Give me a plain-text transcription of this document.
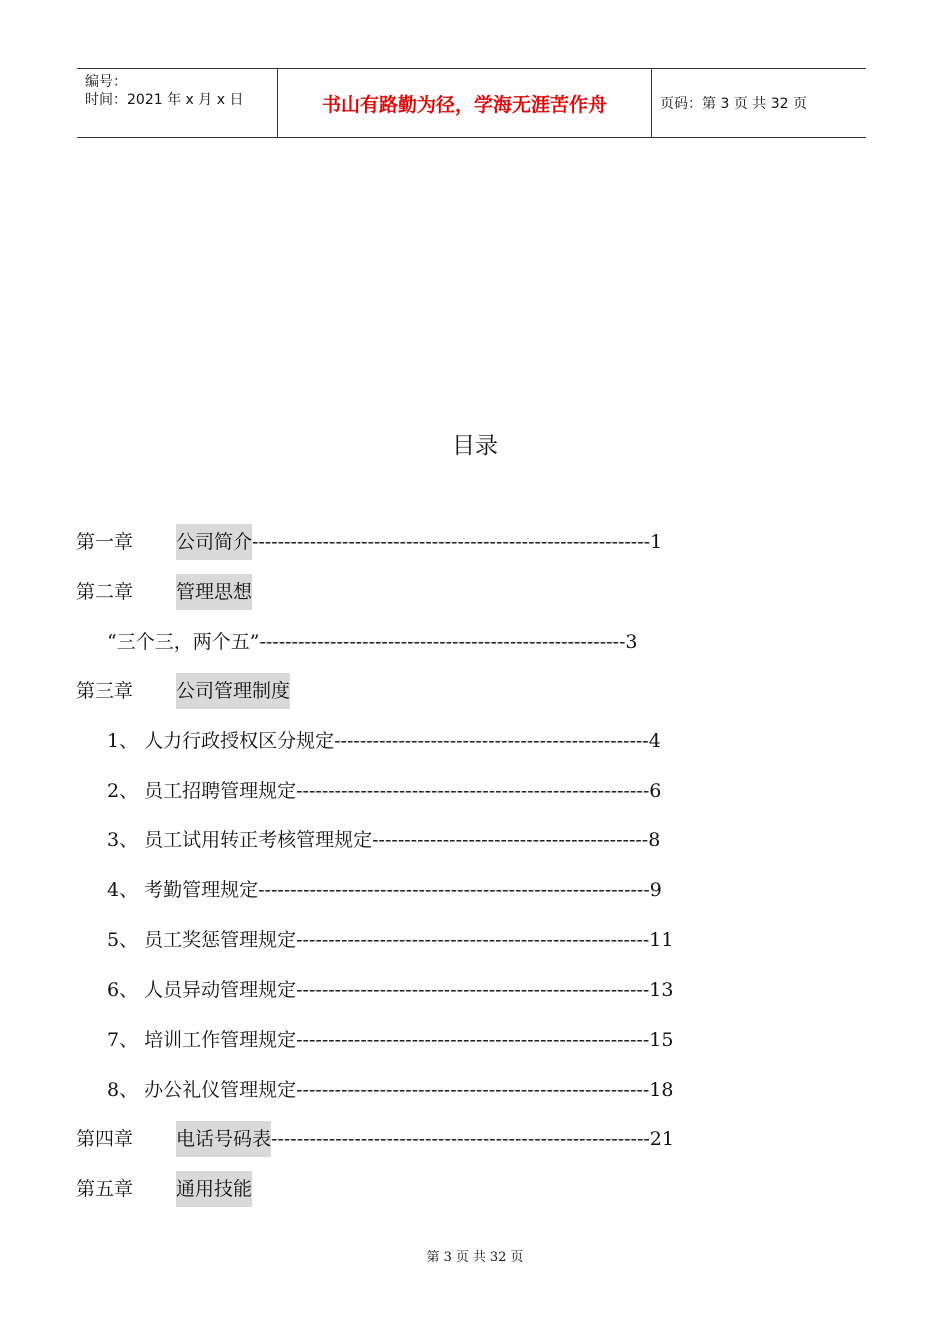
编号：
时间：2021 年 x 月 x 日	书山有路勤为径，学海无涯苦作舟	页码：第 3 页 共 32 页
目录
第一章	公司简介 -------------------------------------------------------------- 1
第二章	管理思想
“三个三，两个五” --------------------------------------------------------- 3
第三章	公司管理制度
1、 人力行政授权区分规定 ------------------------------------------------- 4
2、 员工招聘管理规定 ------------------------------------------------------- 6
3、 员工试用转正考核管理规定 ------------------------------------------- 8
4、 考勤管理规定 ------------------------------------------------------------- 9
5、 员工奖惩管理规定 ------------------------------------------------------- 11
6、 人员异动管理规定 ------------------------------------------------------- 13
7、 培训工作管理规定 ------------------------------------------------------- 15
8、 办公礼仪管理规定 ------------------------------------------------------- 18
第四章	电话号码表 ----------------------------------------------------------- 21
第五章	通用技能
第 3 页 共 32 页
